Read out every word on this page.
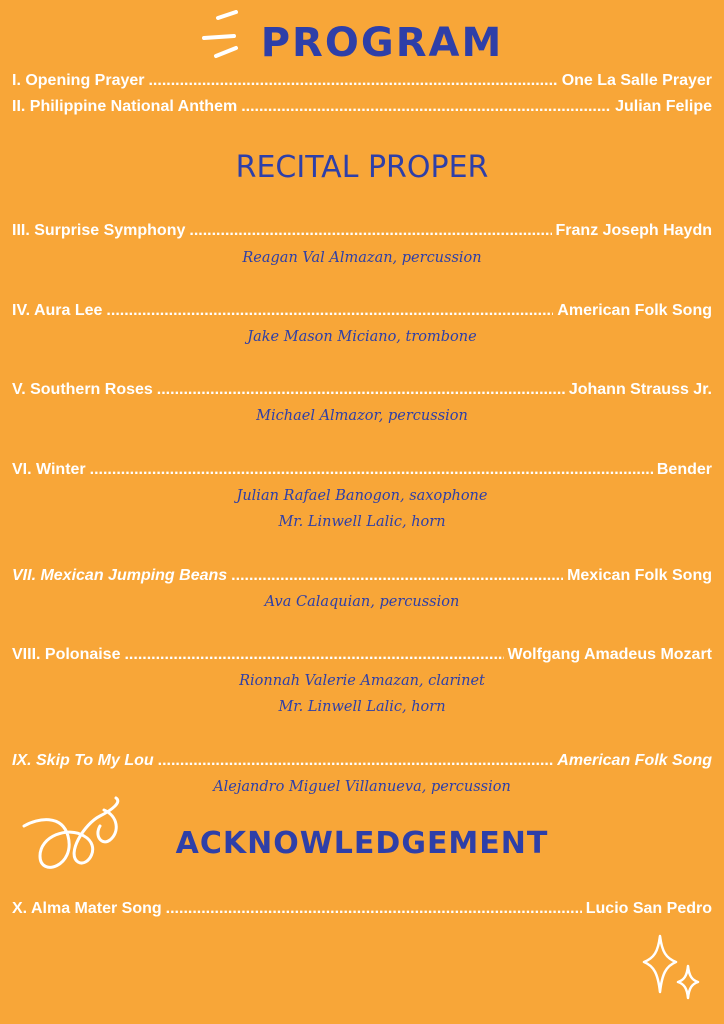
PROGRAM
I. Opening Prayer .....	One La Salle Prayer
II. Philippine National Anthem .....	Julian Felipe
RECITAL PROPER
III. Surprise Symphony .....	Franz Joseph Haydn
Reagan Val Almazan, percussion
IV. Aura Lee .....	American Folk Song
Jake Mason Miciano, trombone
V. Southern Roses .....	Johann Strauss Jr.
Michael Almazor, percussion
VI. Winter .....	Bender
Julian Rafael Banogon, saxophone
Mr. Linwell Lalic, horn
VII. Mexican Jumping Beans .....	Mexican Folk Song
Ava Calaquian, percussion
VIII. Polonaise .....	Wolfgang Amadeus Mozart
Rionnah Valerie Amazan, clarinet
Mr. Linwell Lalic, horn
IX. Skip To My Lou .....	American Folk Song
Alejandro Miguel Villanueva, percussion
ACKNOWLEDGEMENT
X. Alma Mater Song .....	Lucio San Pedro
